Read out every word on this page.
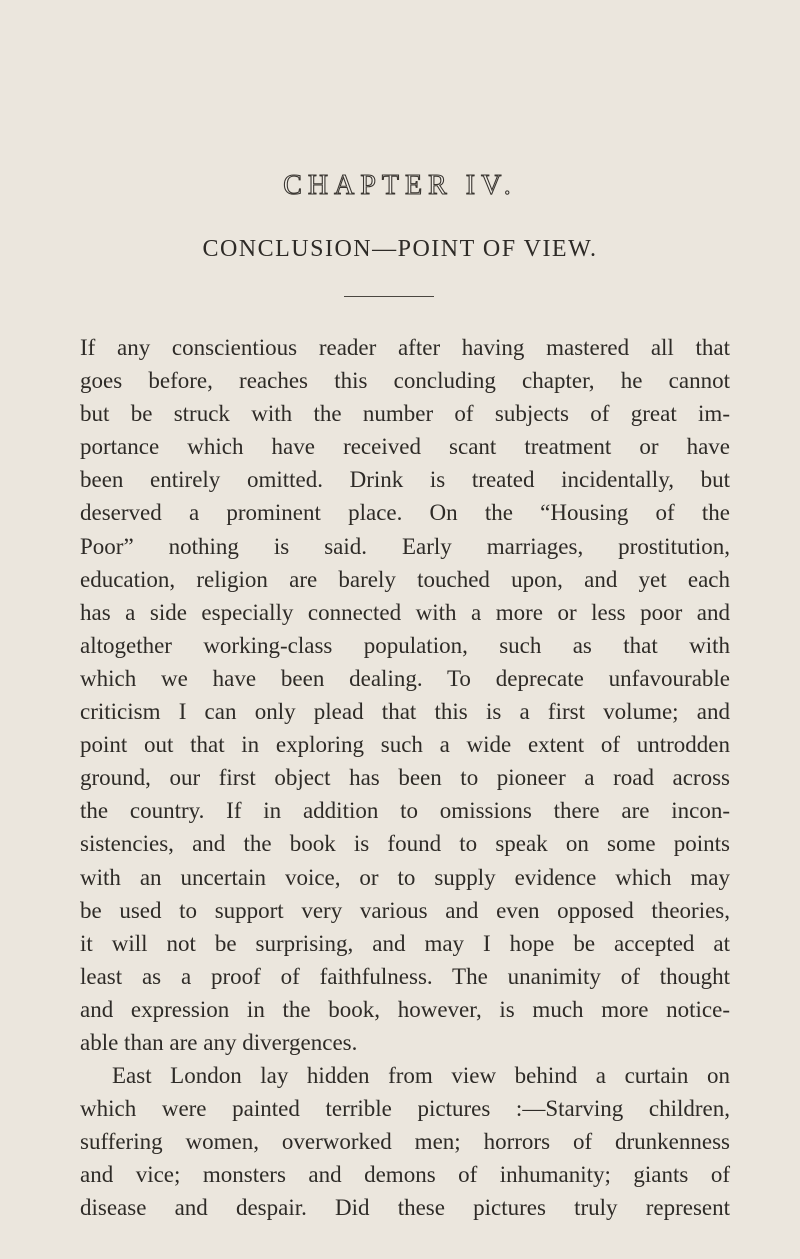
CHAPTER IV.
CONCLUSION—POINT OF VIEW.
If any conscientious reader after having mastered all that
goes before, reaches this concluding chapter, he cannot
but be struck with the number of subjects of great im-
portance which have received scant treatment or have
been entirely omitted. Drink is treated incidentally, but
deserved a prominent place. On the “Housing of the
Poor” nothing is said. Early marriages, prostitution,
education, religion are barely touched upon, and yet each
has a side especially connected with a more or less poor and
altogether working-class population, such as that with
which we have been dealing. To deprecate unfavourable
criticism I can only plead that this is a first volume; and
point out that in exploring such a wide extent of untrodden
ground, our first object has been to pioneer a road across
the country. If in addition to omissions there are incon-
sistencies, and the book is found to speak on some points
with an uncertain voice, or to supply evidence which may
be used to support very various and even opposed theories,
it will not be surprising, and may I hope be accepted at
least as a proof of faithfulness. The unanimity of thought
and expression in the book, however, is much more notice-
able than are any divergences.
East London lay hidden from view behind a curtain on
which were painted terrible pictures :—Starving children,
suffering women, overworked men; horrors of drunkenness
and vice; monsters and demons of inhumanity; giants of
disease and despair. Did these pictures truly represent
